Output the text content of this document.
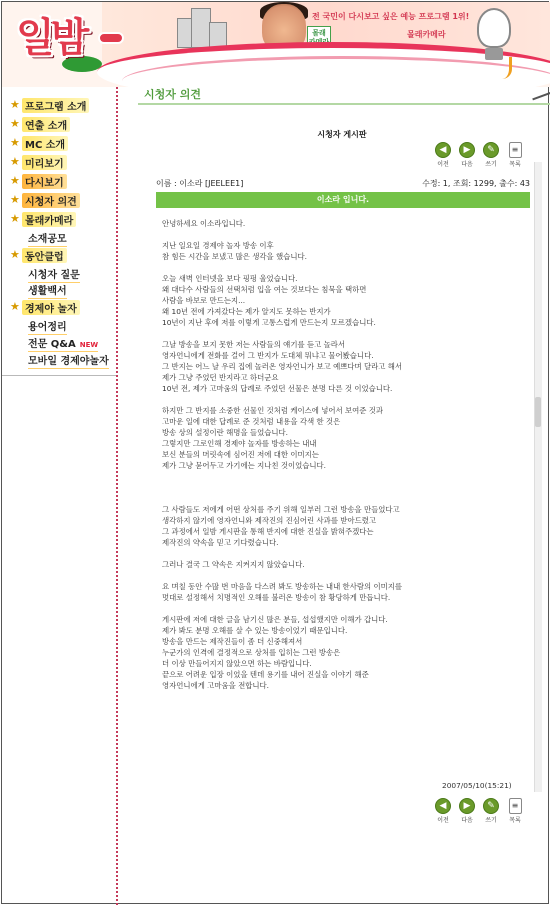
몰래
전 국민이 다시보고 싶은 예능 프로그램 1위!
몰래카메라
일밤
★ 프로그램 소개
★ 연출 소개
★ MC 소개
★ 미리보기
★ 다시보기
★ 시청자 의견
★ 몰래카메라
소재공모
★ 동안클럽
시청자 질문
생활백서
★ 경제야 놀자
용어정리
전문 Q&A NEW
모바일 경제야놀자
시청자 의견
시청자 게시판
◀
이전
▶
다음
✎
쓰기
≡
목록
이름 : 이소라 [JEELEE1]	수정: 1, 조회: 1299, 출수: 43
이소라 입니다.
안녕하세요 이소라입니다.
지난 일요일 경제야 놀자 방송 이후
참 힘든 시간을 보냈고 많은 생각을 했습니다.
오늘 새벽 인터넷을 보다 핑펑 울었습니다.
왜 대다수 사람들의 선택처럼 입을 여는 것보다는 침묵을 택하면
사람을 바보로 만드는지...
왜 10년 전에 가져갔다는 제가 알지도 못하는 반지가
10년이 지난 후에 저를 이렇게 고통스럽게 만드는지 모르겠습니다.
그날 방송을 보지 못한 저는 사람들의 얘기를 듣고 놀라서
영자언니에게 전화를 걸어 그 반지가 도대체 뭐냐고 물어봤습니다.
그 반지는 어느 날 우리 집에 놀러온 영자언니가 보고 예쁘다며 달라고 해서
제가 그냥 주었던 반지라고 하더군요
10년 전, 제가 고마움의 답례로 주었던 선물은 분명 다른 것 이었습니다.
하지만 그 반지를 소중한 선물인 것처럼 케이스에 넣어서 보여준 것과
고마운 일에 대한 답례로 준 것처럼 내용을 각색 한 것은
방송 상의 설정이란 해명을 들었습니다.
그렇지만 그로인해 경제야 놀자를 방송하는 내내
보신 분들의 머릿속에 심어진 저에 대한 이미지는
제가 그냥 묻어두고 가기에는 지나친 것이었습니다.
그 사람들도 저에게 어떤 상처를 주기 위해 일부러 그런 방송을 만들었다고
생각하지 않기에 영자언니와 제작진의 진심어린 사과를 받아드렸고
그 과정에서 일밤 게시판을 통해 반지에 대한 진실을 밝혀주겠다는
제작진의 약속을 믿고 기다렸습니다.
그러나 결국 그 약속은 지켜지지 않았습니다.
요 며칠 동안 수많 번 마음을 다스려 봐도 방송하는 내내 한사람의 이미지를
멋대로 설정해서 치명적인 오해를 불러온 방송이 참 황당하게 만듭니다.
게시판에 저에 대한 글을 남기신 많은 분들, 섭섭했지만 이해가 갑니다.
제가 봐도 분명 오해를 살 수 있는 방송이었기 때문입니다.
방송을 만드는 제작진들이 좀 더 신중해져서
누군가의 인격에 결정적으로 상처를 입히는 그런 방송은
더 이상 만들어지지 않았으면 하는 바람입니다.
끝으로 어려운 입장 이었을 텐데 용기를 내어 진실을 이야기 해준
영자언니에게 고마움을 전합니다.
2007/05/10(15:21)
◀
이전
▶
다음
✎
쓰기
≡
목록
